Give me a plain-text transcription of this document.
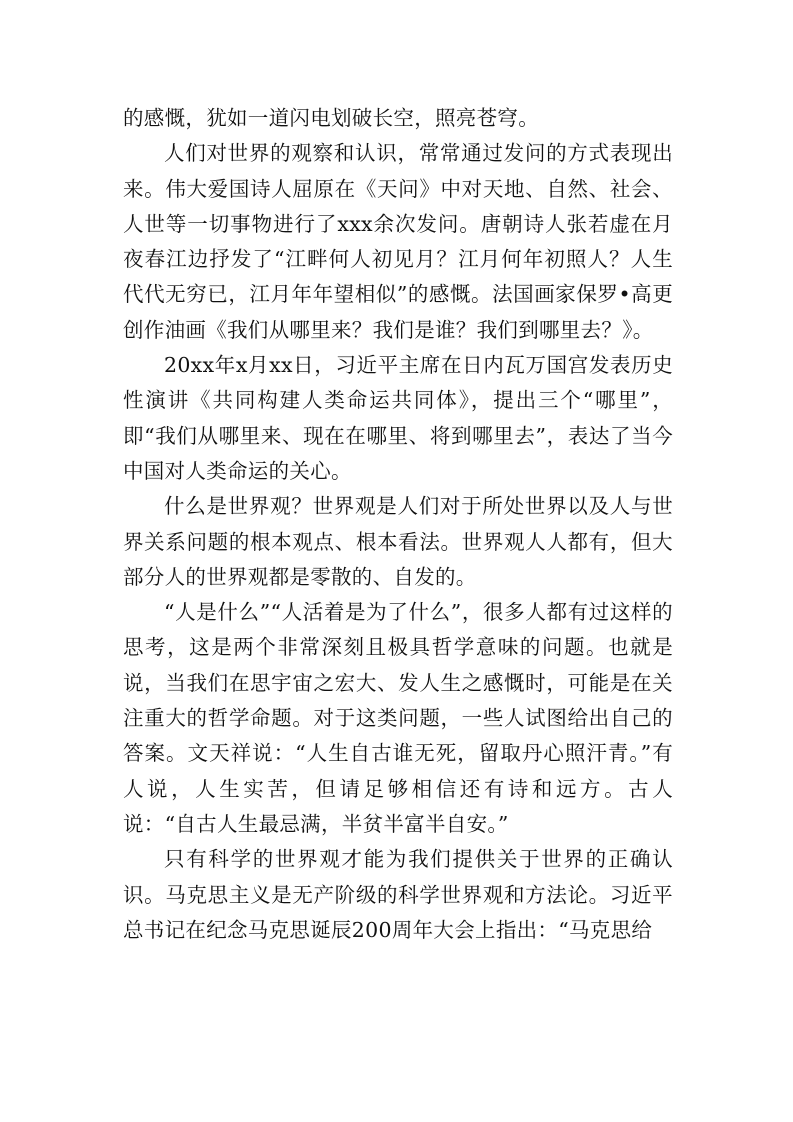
的感慨，犹如一道闪电划破长空，照亮苍穹。

人们对世界的观察和认识，常常通过发问的方式表现出来。伟大爱国诗人屈原在《天问》中对天地、自然、社会、人世等一切事物进行了xxx余次发问。唐朝诗人张若虚在月夜春江边抒发了“江畔何人初见月？江月何年初照人？人生代代无穷已，江月年年望相似”的感慨。法国画家保罗•高更创作油画《我们从哪里来？我们是谁？我们到哪里去？》。

20xx年x月xx日，习近平主席在日内瓦万国宫发表历史性演讲《共同构建人类命运共同体》，提出三个“哪里”，即“我们从哪里来、现在在哪里、将到哪里去”，表达了当今中国对人类命运的关心。

什么是世界观？世界观是人们对于所处世界以及人与世界关系问题的根本观点、根本看法。世界观人人都有，但大部分人的世界观都是零散的、自发的。

“人是什么”“人活着是为了什么”，很多人都有过这样的思考，这是两个非常深刻且极具哲学意味的问题。也就是说，当我们在思宇宙之宏大、发人生之感慨时，可能是在关注重大的哲学命题。对于这类问题，一些人试图给出自己的答案。文天祥说：“人生自古谁无死，留取丹心照汗青。”有人说，人生实苦，但请足够相信还有诗和远方。古人说：“自古人生最忌满，半贫半富半自安。”

只有科学的世界观才能为我们提供关于世界的正确认识。马克思主义是无产阶级的科学世界观和方法论。习近平总书记在纪念马克思诞辰200周年大会上指出：“马克思给
